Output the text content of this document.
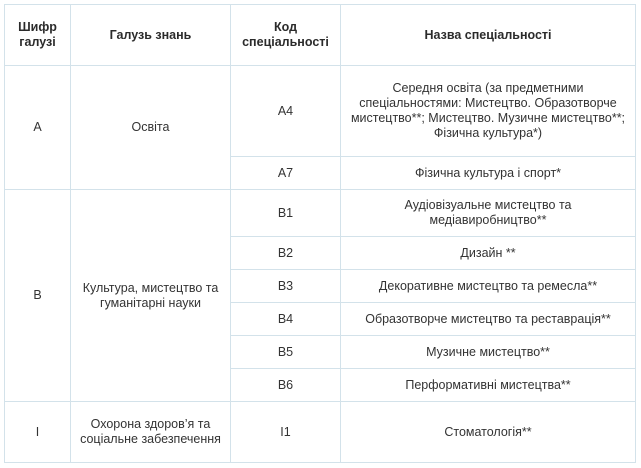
Шифр галузі	Галузь знань	Код спеціальності	Назва спеціальності
A	Освіта	A4	Середня освіта (за предметними спеціальностями: Мистецтво. Образотворче мистецтво**; Мистецтво. Музичне мистецтво**; Фізична культура*)
		A7	Фізична культура і спорт*
B	Культура, мистецтво та гуманітарні науки	B1	Аудіовізуальне мистецтво та медіавиробництво**
		B2	Дизайн **
		B3	Декоративне мистецтво та ремесла**
		B4	Образотворче мистецтво та реставрація**
		B5	Музичне мистецтво**
		B6	Перформативні мистецтва**
I	Охорона здоров’я та соціальне забезпечення	I1	Стоматологія**
